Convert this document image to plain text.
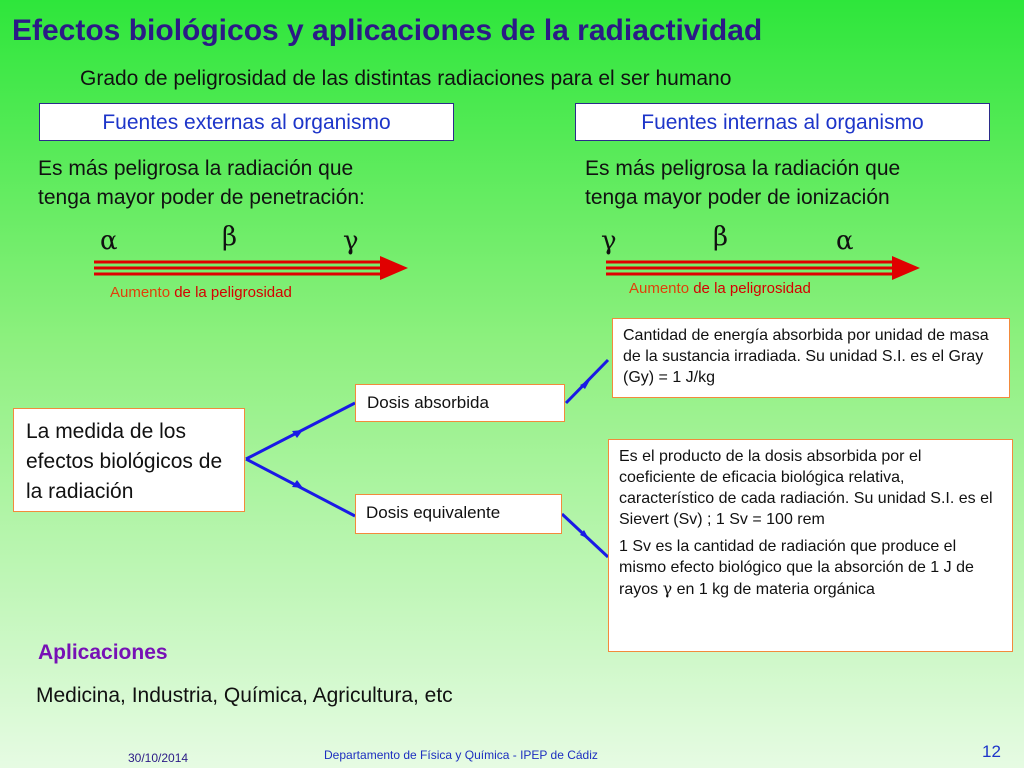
Efectos biológicos y aplicaciones de la radiactividad
Grado de peligrosidad de las distintas radiaciones para el ser humano
Fuentes externas al organismo
Es más peligrosa la radiación que
tenga mayor poder de penetración:
α	β	γ
Aumento de la peligrosidad
Fuentes internas al organismo
Es más peligrosa la radiación que
tenga mayor poder de ionización
γ	β	α
Aumento de la peligrosidad
La medida de los efectos biológicos de la radiación
Dosis absorbida
Dosis equivalente
Cantidad de energía absorbida por unidad de masa de la sustancia irradiada. Su unidad S.I. es el Gray (Gy) = 1 J/kg
Es el producto de la dosis absorbida por el coeficiente de eficacia biológica relativa, característico de cada radiación. Su unidad S.I. es el Sievert (Sv) ; 1 Sv = 100 rem
1 Sv es la cantidad de radiación que produce el mismo efecto biológico que la absorción de 1 J de rayos γ en 1 kg de materia orgánica
Aplicaciones
Medicina, Industria, Química, Agricultura, etc
30/10/2014	Departamento de Física y Química - IPEP de Cádiz	12
